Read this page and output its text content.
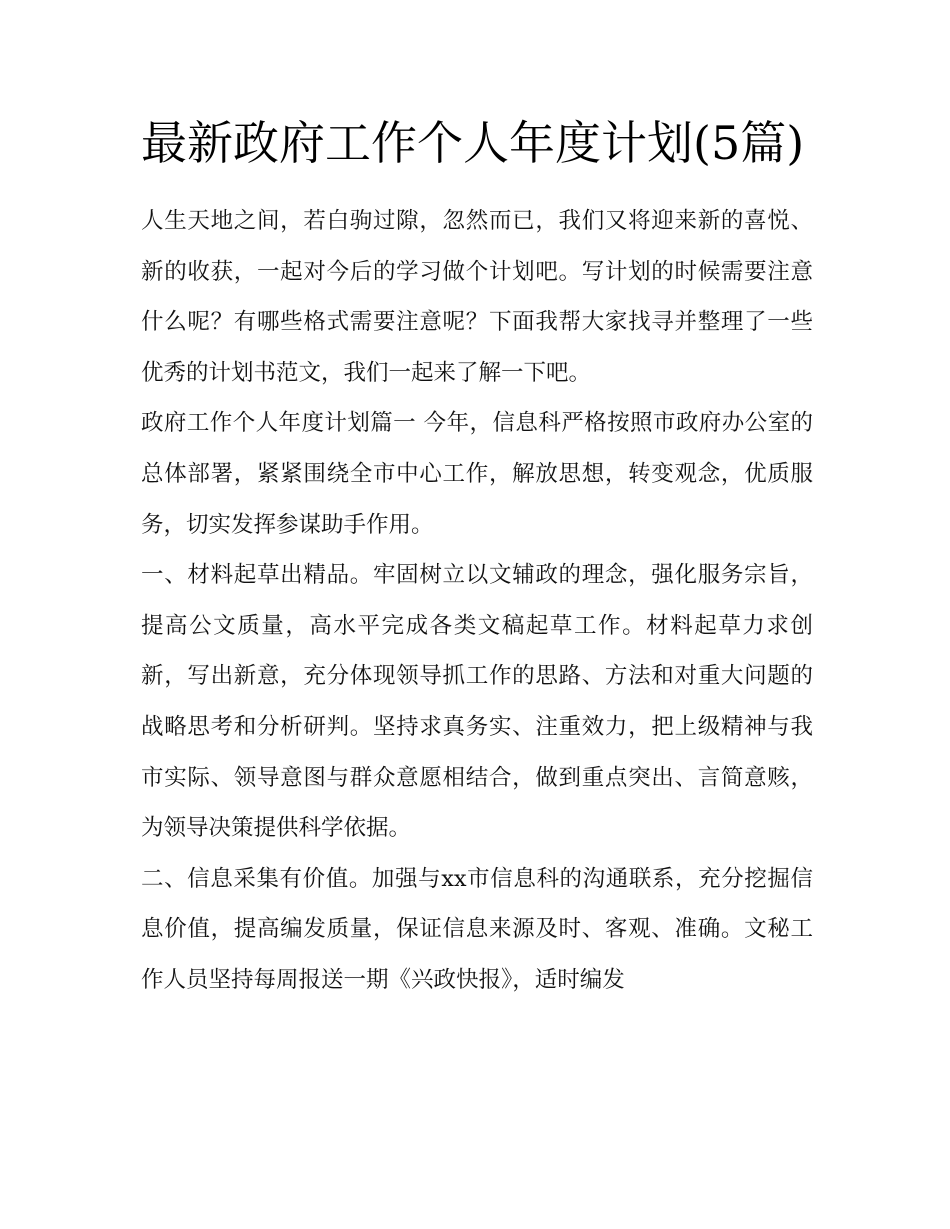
最新政府工作个人年度计划(5篇)

人生天地之间，若白驹过隙，忽然而已，我们又将迎来新的喜悦、新的收获，一起对今后的学习做个计划吧。写计划的时候需要注意什么呢？有哪些格式需要注意呢？下面我帮大家找寻并整理了一些优秀的计划书范文，我们一起来了解一下吧。

政府工作个人年度计划篇一 今年，信息科严格按照市政府办公室的总体部署，紧紧围绕全市中心工作，解放思想，转变观念，优质服务，切实发挥参谋助手作用。

一、材料起草出精品。牢固树立以文辅政的理念，强化服务宗旨，提高公文质量，高水平完成各类文稿起草工作。材料起草力求创新，写出新意，充分体现领导抓工作的思路、方法和对重大问题的战略思考和分析研判。坚持求真务实、注重效力，把上级精神与我市实际、领导意图与群众意愿相结合，做到重点突出、言简意赅，为领导决策提供科学依据。

二、信息采集有价值。加强与xx市信息科的沟通联系，充分挖掘信息价值，提高编发质量，保证信息来源及时、客观、准确。文秘工作人员坚持每周报送一期《兴政快报》，适时编发
